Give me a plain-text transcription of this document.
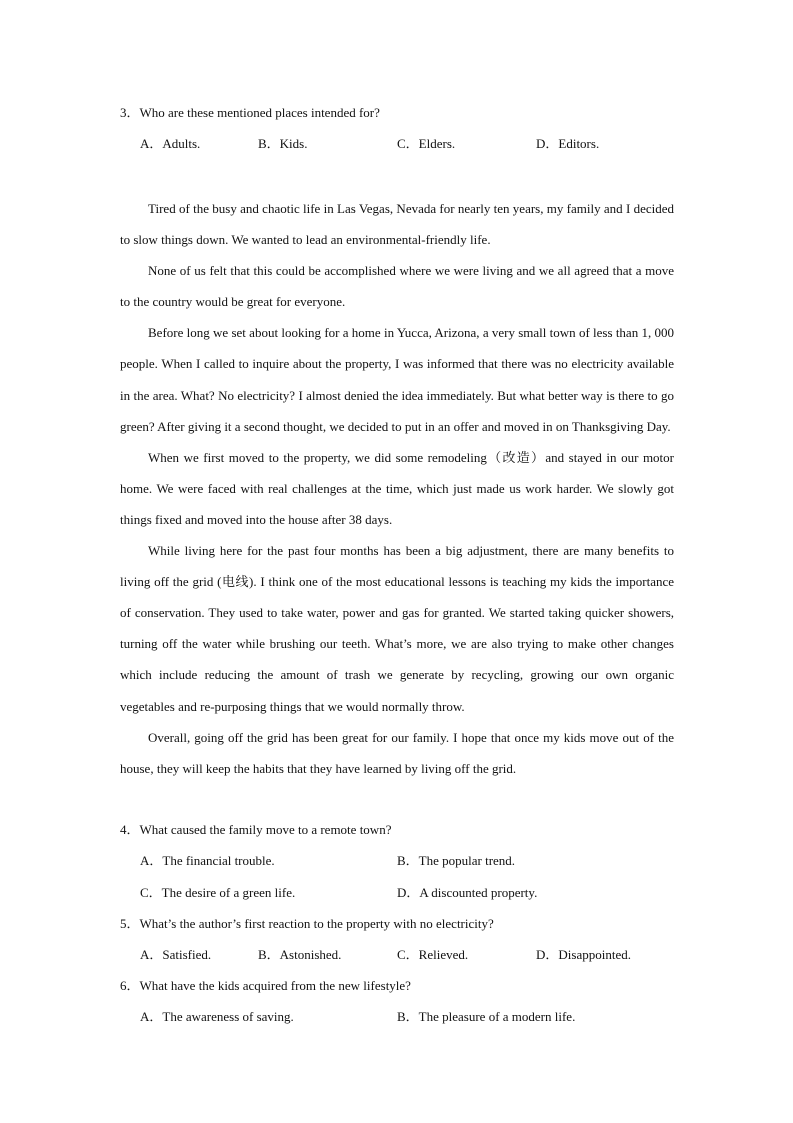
3．Who are these mentioned places intended for?
A．Adults.	B．Kids.	C．Elders.	D．Editors.

Tired of the busy and chaotic life in Las Vegas, Nevada for nearly ten years, my family and I decided to slow things down. We wanted to lead an environmental-friendly life.

None of us felt that this could be accomplished where we were living and we all agreed that a move to the country would be great for everyone.

Before long we set about looking for a home in Yucca, Arizona, a very small town of less than 1, 000 people. When I called to inquire about the property, I was informed that there was no electricity available in the area. What? No electricity? I almost denied the idea immediately. But what better way is there to go green? After giving it a second thought, we decided to put in an offer and moved in on Thanksgiving Day.

When we first moved to the property, we did some remodeling（改造）and stayed in our motor home. We were faced with real challenges at the time, which just made us work harder. We slowly got things fixed and moved into the house after 38 days.

While living here for the past four months has been a big adjustment, there are many benefits to living off the grid (电线). I think one of the most educational lessons is teaching my kids the importance of conservation. They used to take water, power and gas for granted. We started taking quicker showers, turning off the water while brushing our teeth. What’s more, we are also trying to make other changes which include reducing the amount of trash we generate by recycling, growing our own organic vegetables and re-purposing things that we would normally throw.

Overall, going off the grid has been great for our family. I hope that once my kids move out of the house, they will keep the habits that they have learned by living off the grid.

4．What caused the family move to a remote town?
A．The financial trouble.	B．The popular trend.
C．The desire of a green life.	D．A discounted property.
5．What’s the author’s first reaction to the property with no electricity?
A．Satisfied.	B．Astonished.	C．Relieved.	D．Disappointed.
6．What have the kids acquired from the new lifestyle?
A．The awareness of saving.	B．The pleasure of a modern life.
